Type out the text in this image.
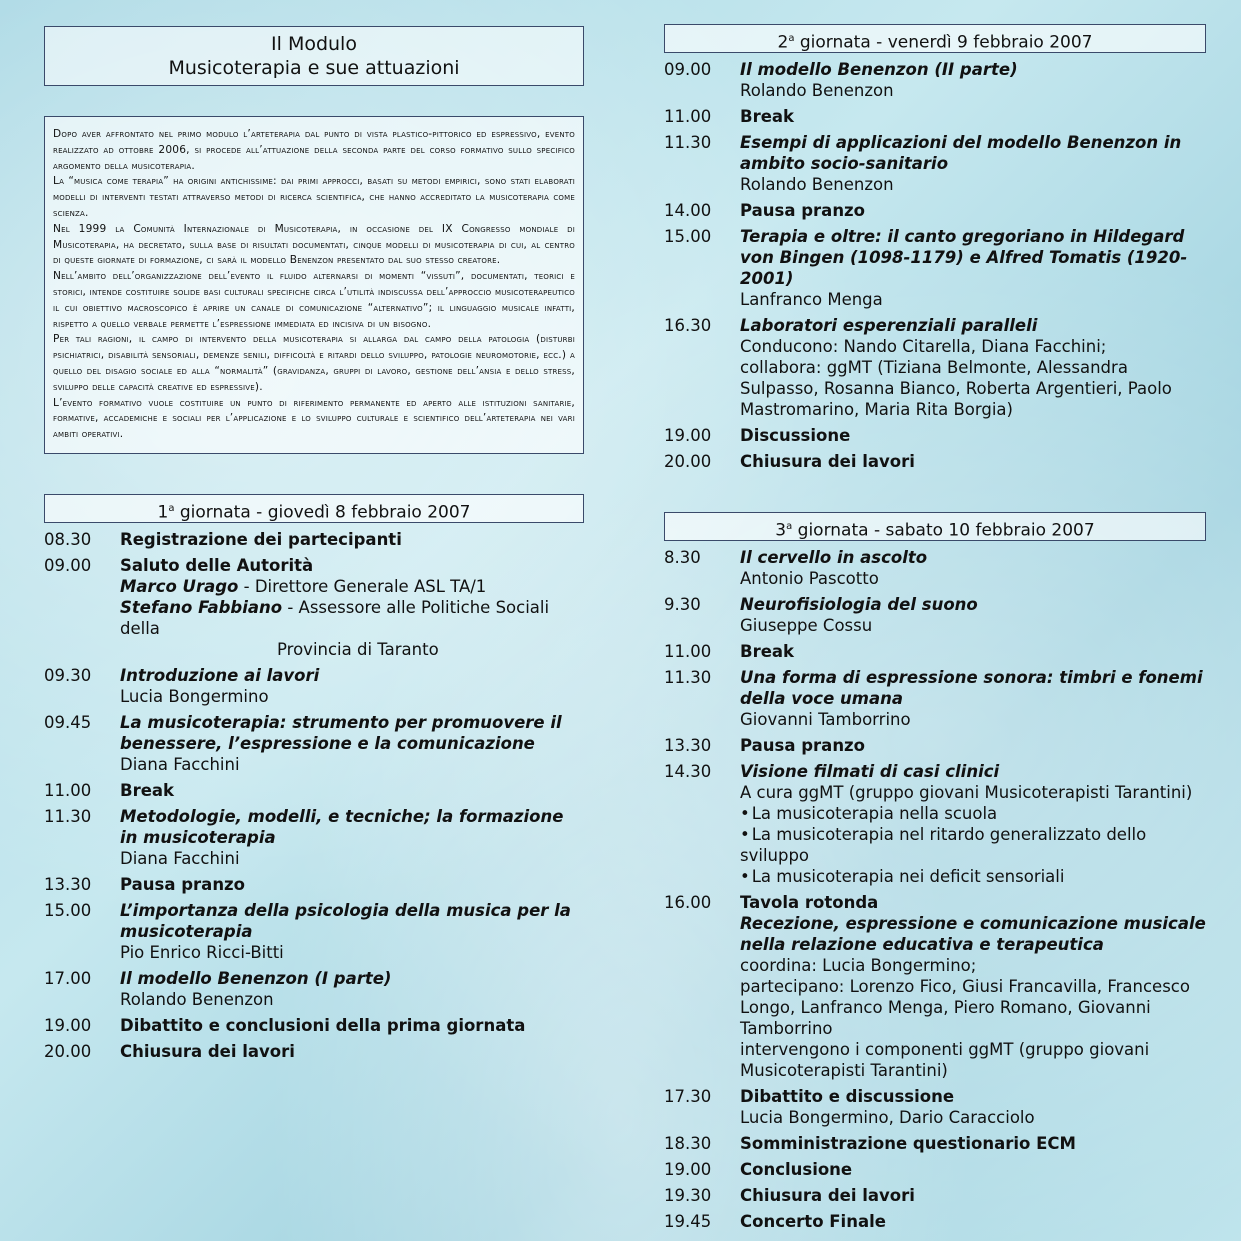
Il Modulo
Musicoterapia e sue attuazioni

Dopo aver affrontato nel primo modulo l’arteterapia dal punto di vista plastico-pittorico ed espressivo, evento realizzato ad ottobre 2006, si procede all’attuazione della seconda parte del corso formativo sullo specifico argomento della musicoterapia.

La “musica come terapia” ha origini antichissime: dai primi approcci, basati su metodi empirici, sono stati elaborati modelli di interventi testati attraverso metodi di ricerca scientifica, che hanno accreditato la musicoterapia come scienza.

Nel 1999 la Comunità Internazionale di Musicoterapia, in occasione del IX Congresso mondiale di Musicoterapia, ha decretato, sulla base di risultati documentati, cinque modelli di musicoterapia di cui, al centro di queste giornate di formazione, ci sarà il modello Benenzon presentato dal suo stesso creatore.

Nell’ambito dell’organizzazione dell’evento il fluido alternarsi di momenti “vissuti”, documentati, teorici e storici, intende costituire solide basi culturali specifiche circa l’utilità indiscussa dell’approccio musicoterapeutico il cui obiettivo macroscopico è aprire un canale di comunicazione “alternativo”; il linguaggio musicale infatti, rispetto a quello verbale permette l’espressione immediata ed incisiva di un bisogno.

Per tali ragioni, il campo di intervento della musicoterapia si allarga dal campo della patologia (disturbi psichiatrici, disabilità sensoriali, demenze senili, difficoltà e ritardi dello sviluppo, patologie neuromotorie, ecc.) a quello del disagio sociale ed alla “normalità” (gravidanza, gruppi di lavoro, gestione dell’ansia e dello stress, sviluppo delle capacità creative ed espressive).

L’evento formativo vuole costituire un punto di riferimento permanente ed aperto alle istituzioni sanitarie, formative, accademiche e sociali per l’applicazione e lo sviluppo culturale e scientifico dell’arteterapia nei vari ambiti operativi.

1$^a$ giornata - giovedì 8 febbraio 2007
08.30	Registrazione dei partecipanti
09.00	Saluto delle Autorità
Marco Urago - Direttore Generale ASL TA/1
Stefano Fabbiano - Assessore alle Politiche Sociali della
Provincia di Taranto
09.30	Introduzione ai lavori
Lucia Bongermino
09.45	La musicoterapia: strumento per promuovere il benessere, l’espressione e la comunicazione
Diana Facchini
11.00	Break
11.30	Metodologie, modelli, e tecniche; la formazione in musicoterapia
Diana Facchini
13.30	Pausa pranzo
15.00	L’importanza della psicologia della musica per la musicoterapia
Pio Enrico Ricci-Bitti
17.00	Il modello Benenzon (I parte)
Rolando Benenzon
19.00	Dibattito e conclusioni della prima giornata
20.00	Chiusura dei lavori
2$^a$ giornata - venerdì 9 febbraio 2007
09.00	Il modello Benenzon (II parte)
Rolando Benenzon
11.00	Break
11.30	Esempi di applicazioni del modello Benenzon in ambito socio-sanitario
Rolando Benenzon
14.00	Pausa pranzo
15.00	Terapia e oltre: il canto gregoriano in Hildegard von Bingen (1098-1179) e Alfred Tomatis (1920-2001)
Lanfranco Menga
16.30	Laboratori esperenziali paralleli
Conducono: Nando Citarella, Diana Facchini;
collabora: ggMT (Tiziana Belmonte, Alessandra Sulpasso, Rosanna Bianco, Roberta Argentieri, Paolo Mastromarino, Maria Rita Borgia)
19.00	Discussione
20.00	Chiusura dei lavori
3$^a$ giornata - sabato 10 febbraio 2007
8.30	Il cervello in ascolto
Antonio Pascotto
9.30	Neurofisiologia del suono
Giuseppe Cossu
11.00	Break
11.30	Una forma di espressione sonora: timbri e fonemi della voce umana
Giovanni Tamborrino
13.30	Pausa pranzo
14.30	Visione filmati di casi clinici
A cura ggMT (gruppo giovani Musicoterapisti Tarantini)
• La musicoterapia nella scuola
• La musicoterapia nel ritardo generalizzato dello sviluppo
• La musicoterapia nei deficit sensoriali
16.00	Tavola rotonda
Recezione, espressione e comunicazione musicale nella relazione educativa e terapeutica
coordina: Lucia Bongermino;
partecipano: Lorenzo Fico, Giusi Francavilla, Francesco Longo, Lanfranco Menga, Piero Romano, Giovanni Tamborrino
intervengono i componenti ggMT (gruppo giovani Musicoterapisti Tarantini)
17.30	Dibattito e discussione
Lucia Bongermino, Dario Caracciolo
18.30	Somministrazione questionario ECM
19.00	Conclusione
19.30	Chiusura dei lavori
19.45	Concerto Finale
